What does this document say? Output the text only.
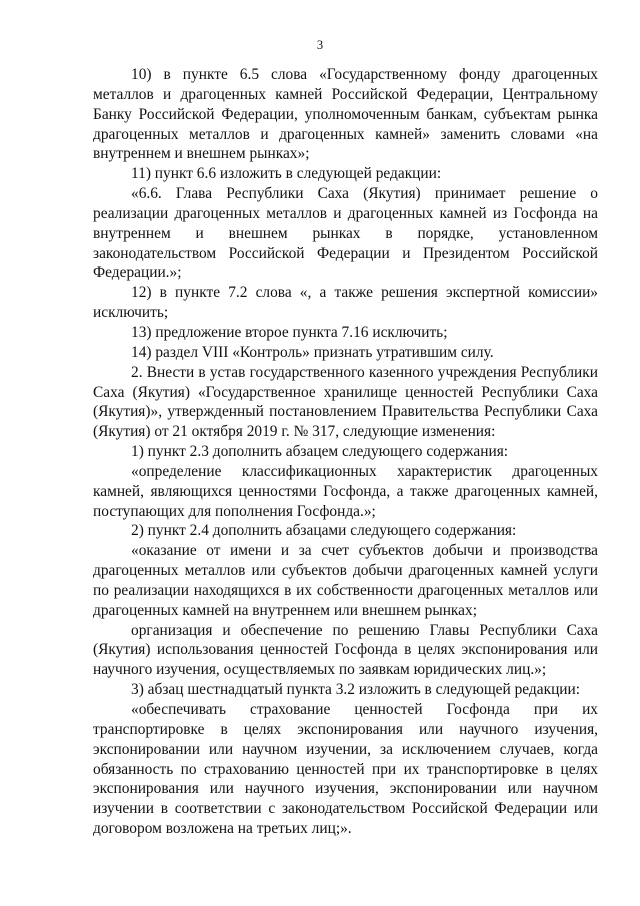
3

10) в пункте 6.5 слова «Государственному фонду драгоценных металлов и драгоценных камней Российской Федерации, Центральному Банку Российской Федерации, уполномоченным банкам, субъектам рынка драгоценных металлов и драгоценных камней» заменить словами «на внутреннем и внешнем рынках»;

11) пункт 6.6 изложить в следующей редакции:

«6.6. Глава Республики Саха (Якутия) принимает решение о реализации драгоценных металлов и драгоценных камней из Госфонда на внутреннем и внешнем рынках в порядке, установленном законодательством Российской Федерации и Президентом Российской Федерации.»;

12) в пункте 7.2 слова «, а также решения экспертной комиссии» исключить;

13) предложение второе пункта 7.16 исключить;

14) раздел VIII «Контроль» признать утратившим силу.

2. Внести в устав государственного казенного учреждения Республики Саха (Якутия) «Государственное хранилище ценностей Республики Саха (Якутия)», утвержденный постановлением Правительства Республики Саха (Якутия) от 21 октября 2019 г. № 317, следующие изменения:

1) пункт 2.3 дополнить абзацем следующего содержания:

«определение классификационных характеристик драгоценных камней, являющихся ценностями Госфонда, а также драгоценных камней, поступающих для пополнения Госфонда.»;

2) пункт 2.4 дополнить абзацами следующего содержания:

«оказание от имени и за счет субъектов добычи и производства драгоценных металлов или субъектов добычи драгоценных камней услуги по реализации находящихся в их собственности драгоценных металлов или драгоценных камней на внутреннем или внешнем рынках;

организация и обеспечение по решению Главы Республики Саха (Якутия) использования ценностей Госфонда в целях экспонирования или научного изучения, осуществляемых по заявкам юридических лиц.»;

3) абзац шестнадцатый пункта 3.2 изложить в следующей редакции:

«обеспечивать страхование ценностей Госфонда при их транспортировке в целях экспонирования или научного изучения, экспонировании или научном изучении, за исключением случаев, когда обязанность по страхованию ценностей при их транспортировке в целях экспонирования или научного изучения, экспонировании или научном изучении в соответствии с законодательством Российской Федерации или договором возложена на третьих лиц;».
